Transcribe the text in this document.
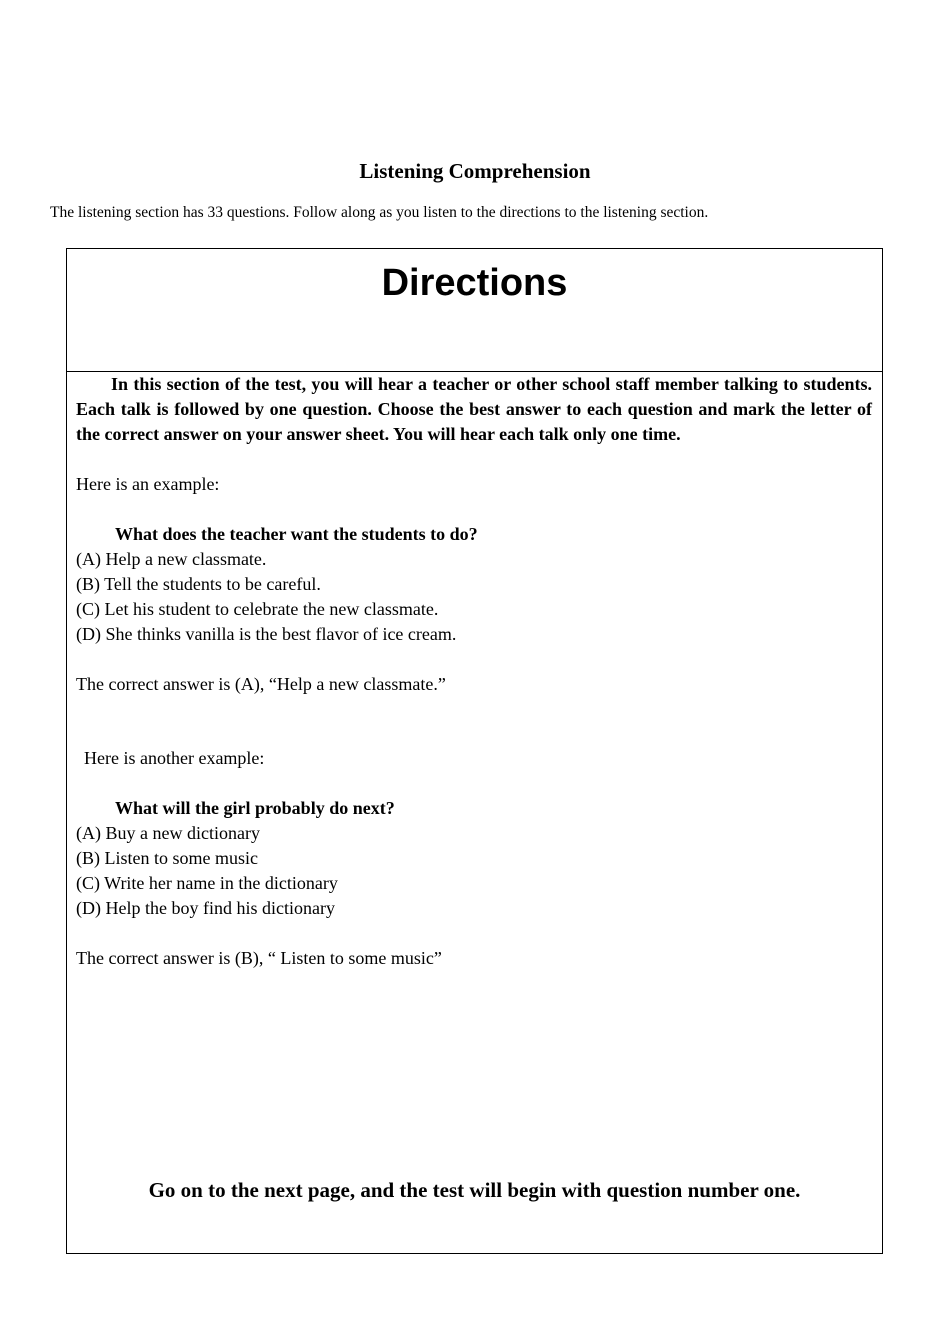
Listening Comprehension
The listening section has 33 questions. Follow along as you listen to the directions to the listening section.
Directions

In this section of the test, you will hear a teacher or other school staff member talking to students. Each talk is followed by one question. Choose the best answer to each question and mark the letter of the correct answer on your answer sheet. You will hear each talk only one time.

Here is an example:

What does the teacher want the students to do?

(A) Help a new classmate.

(B) Tell the students to be careful.

(C) Let his student to celebrate the new classmate.

(D) She thinks vanilla is the best flavor of ice cream.

The correct answer is (A), “Help a new classmate.”

Here is another example:

What will the girl probably do next?

(A) Buy a new dictionary

(B) Listen to some music

(C) Write her name in the dictionary

(D) Help the boy find his dictionary

The correct answer is (B), “ Listen to some music”

Go on to the next page, and the test will begin with question number one.
